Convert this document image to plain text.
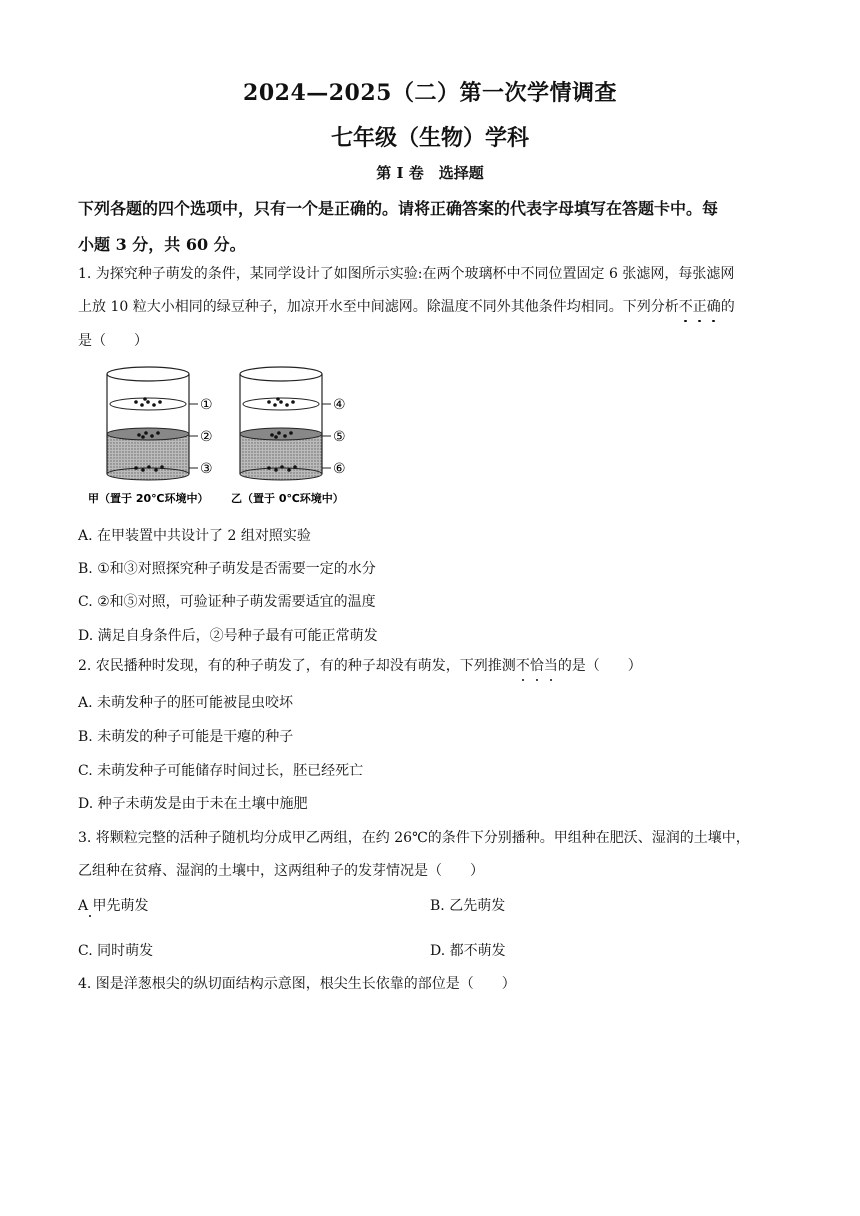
2024—2025（二）第一次学情调查
七年级（生物）学科
第 I 卷　选择题
下列各题的四个选项中，只有一个是正确的。请将正确答案的代表字母填写在答题卡中。每
小题 3 分，共 60 分。
1. 为探究种子萌发的条件，某同学设计了如图所示实验:在两个玻璃杯中不同位置固定 6 张滤网，每张滤网
上放 10 粒大小相同的绿豆种子，加凉开水至中间滤网。除温度不同外其他条件均相同。下列分析不正确的
是（　　）
①
②
③
④
⑤
⑥
甲（置于 20℃环境中） 乙（置于 0℃环境中）
A. 在甲装置中共设计了 2 组对照实验
B. ①和③对照探究种子萌发是否需要一定的水分
C. ②和⑤对照，可验证种子萌发需要适宜的温度
D. 满足自身条件后，②号种子最有可能正常萌发
2. 农民播种时发现，有的种子萌发了，有的种子却没有萌发，下列推测不恰当的是（　　）
A. 未萌发种子的胚可能被昆虫咬坏
B. 未萌发的种子可能是干瘪的种子
C. 未萌发种子可能储存时间过长，胚已经死亡
D. 种子未萌发是由于未在土壤中施肥
3. 将颗粒完整的活种子随机均分成甲乙两组，在约 26℃的条件下分别播种。甲组种在肥沃、湿润的土壤中，
乙组种在贫瘠、湿润的土壤中，这两组种子的发芽情况是（　　）
A 甲先萌发	B. 乙先萌发
C. 同时萌发	D. 都不萌发
4. 图是洋葱根尖的纵切面结构示意图，根尖生长依靠的部位是（　　）
